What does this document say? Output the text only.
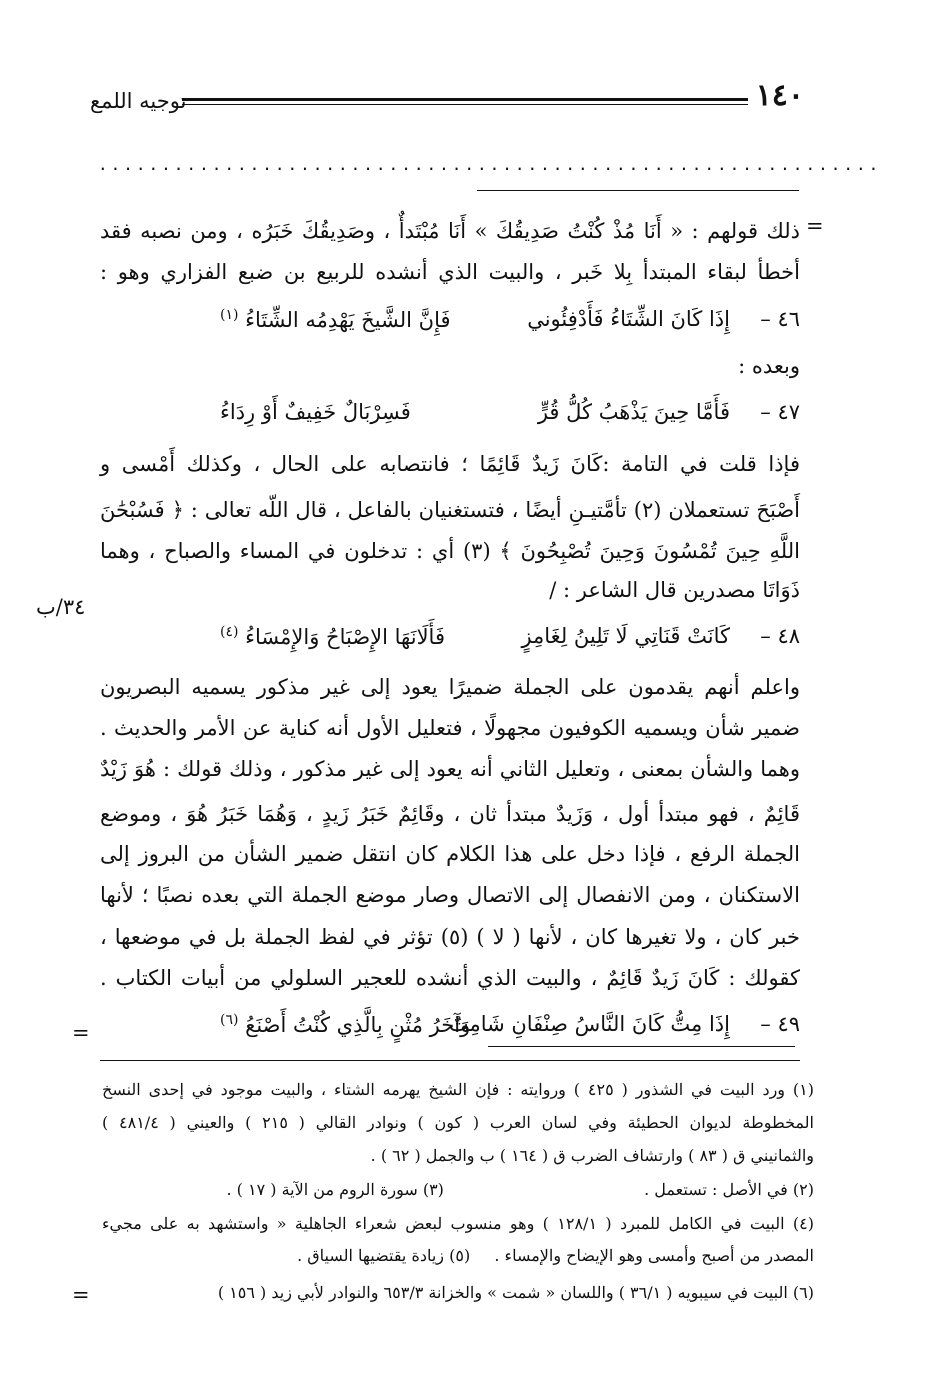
١٤٠
توجيه اللمع
..............................................................
=
٣٤/ب
=
=
ذلك قولهم : « أَنَا مُذْ كُنْتُ صَدِيقُكَ » أَنَا مُبْتَدأٌ ، وصَدِيقُكَ خَبَرُه ، ومن نصبه فقد
أخطأ لبقاء المبتدأ بِلا خَبر ، والبيت الذي أنشده للربيع بن ضبع الفزاري وهو :
٤٦ –
إِذَا كَانَ الشِّتَاءُ فَأَدْفِئُوني
فَإِنَّ الشَّيخَ يَهْدِمُه الشِّتَاءُ $^{(١)}$
وبعده :
٤٧ –
فَأَمَّا حِينَ يَذْهَبُ كُلُّ قُرٍّ
فَسِرْبَالٌ خَفِيفٌ أَوْ رِدَاءُ
فإذا قلت في التامة :كَانَ زَيدٌ قَائِمًا ؛ فانتصابه على الحال ، وكذلك أَمْسى و
أَصْبَحَ تستعملان (٢) تأمَّتيـنِ أيضًا ، فتستغنيان بالفاعل ، قال اللّه تعالى : ﴿ فَسُبْحَٰنَ
اللَّهِ حِينَ تُمْسُونَ وَحِينَ تُصْبِحُونَ ﴾ (٣) أي : تدخلون في المساء والصباح ، وهما
ذَوَاتَا مصدرين قال الشاعر : /
٤٨ –
كَانَتْ قَنَاتِي لَا تَلِينُ لِغَامِزٍ
فَأَلَانَهَا الإِصْبَاحُ وَالإِمْسَاءُ $^{(٤)}$
واعلم أنهم يقدمون على الجملة ضميرًا يعود إلى غير مذكور يسميه البصريون
ضمير شأن ويسميه الكوفيون مجهولًا ، فتعليل الأول أنه كناية عن الأمر والحديث .
وهما والشأن بمعنى ، وتعليل الثاني أنه يعود إلى غير مذكور ، وذلك قولك : هُوَ زَيْدٌ
قَائِمٌ ، فهو مبتدأ أول ، وَزَيدٌ مبتدأ ثان ، وقَائِمٌ خَبَرُ زَيدٍ ، وَهُمَا خَبَرُ هُوَ ، وموضع
الجملة الرفع ، فإذا دخل على هذا الكلام كان انتقل ضمير الشأن من البروز إلى
الاستكنان ، ومن الانفصال إلى الاتصال وصار موضع الجملة التي بعده نصبًا ؛ لأنها
خبر كان ، ولا تغيرها كان ، لأنها ( لا ) (٥) تؤثر في لفظ الجملة بل في موضعها ،
كقولك : كَانَ زَيدٌ قَائِمٌ ، والبيت الذي أنشده للعجير السلولي من أبيات الكتاب .
٤٩ –
إِذَا مِتُّ كَانَ النَّاسُ صِنْفَانِ شَامِتٌ
وَآخَرُ مُثْنٍ بِالَّذِي كُنْتُ أَصْنَعُ $^{(٦)}$
(١) ورد البيت في الشذور ( ٤٢٥ ) وروايته : فإن الشيخ يهرمه الشتاء ، والبيت موجود في إحدى النسخ
المخطوطة لديوان الحطيئة وفي لسان العرب ( كون ) ونوادر القالي ( ٢١٥ ) والعيني ( ٤٨١/٤ )
والثمانيني ق ( ٨٣ ) وارتشاف الضرب ق ( ١٦٤ ) ب والجمل ( ٦٢ ) .
(٢) في الأصل : تستعمل .  (٣) سورة الروم من الآية ( ١٧ ) .
(٤) البيت في الكامل للمبرد ( ١٢٨/١ ) وهو منسوب لبعض شعراء الجاهلية « واستشهد به على مجيء
المصدر من أصبح وأمسى وهو الإيضاح والإمساء .  (٥) زيادة يقتضيها السياق .
(٦) البيت في سيبويه ( ٣٦/١ ) واللسان « شمت » والخزانة ٦٥٣/٣ والنوادر لأبي زيد ( ١٥٦ )
